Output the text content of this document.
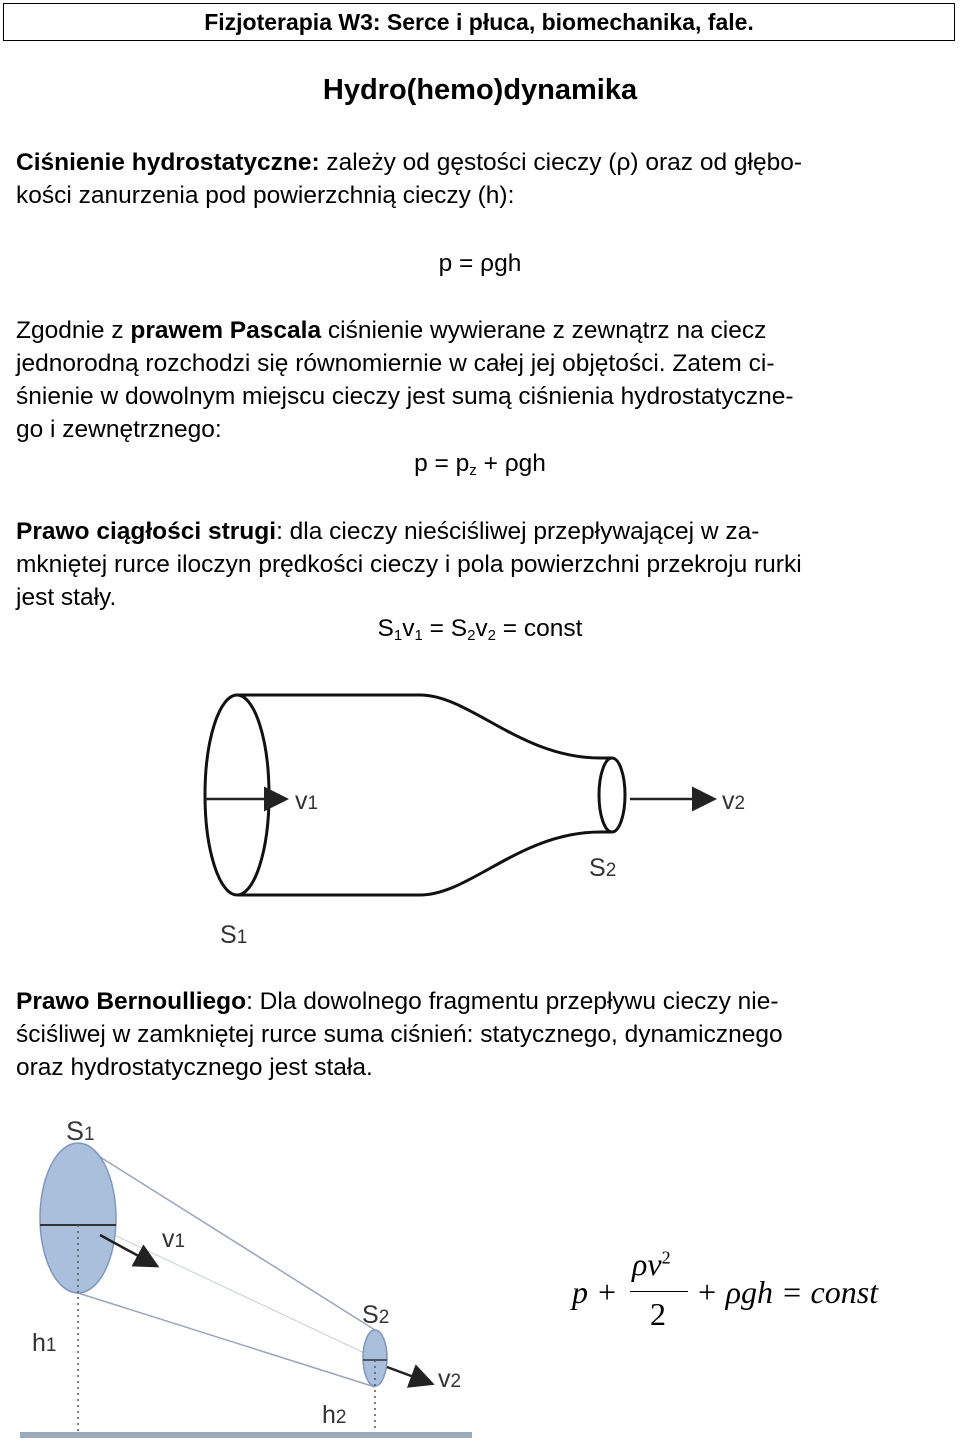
Fizjoterapia W3: Serce i płuca, biomechanika, fale.
Hydro(hemo)dynamika
Ciśnienie hydrostatyczne: zależy od gęstości cieczy (ρ) oraz od głębo-
kości zanurzenia pod powierzchnią cieczy (h):
p = ρgh
Zgodnie z prawem Pascala ciśnienie wywierane z zewnątrz na ciecz
jednorodną rozchodzi się równomiernie w całej jej objętości. Zatem ci-
śnienie w dowolnym miejscu cieczy jest sumą ciśnienia hydrostatyczne-
go i zewnętrznego:
$p = p_z + \rho gh$
Prawo ciągłości strugi: dla cieczy nieściśliwej przepływającej w za-
mkniętej rurce iloczyn prędkości cieczy i pola powierzchni przekroju rurki
jest stały.
$S_1v_1 = S_2v_2$ = const
v1	v2
S2
S1
Prawo Bernoulliego: Dla dowolnego fragmentu przepływu cieczy nie-
ściśliwej w zamkniętej rurce suma ciśnień: statycznego, dynamicznego
oraz hydrostatycznego jest stała.
S1
v1
S2
v2
h1
h2
p +
$\rho v^2$
2
+ ρgh = const
